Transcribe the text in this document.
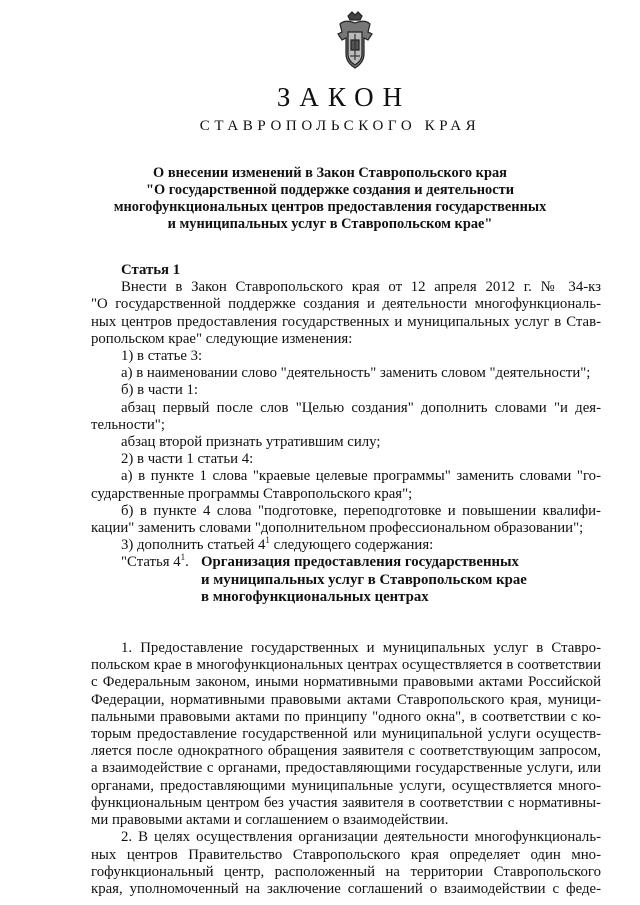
ЗАКОН
СТАВРОПОЛЬСКОГО КРАЯ
О внесении изменений в Закон Ставропольского края
"О государственной поддержке создания и деятельности
многофункциональных центров предоставления государственных
и муниципальных услуг в Ставропольском крае"
Статья 1
Внести в Закон Ставропольского края от 12 апреля 2012 г. № 34-кз
"О государственной поддержке создания и деятельности многофункциональ-
ных центров предоставления государственных и муниципальных услуг в Став-
ропольском крае" следующие изменения:
1) в статье 3:
а) в наименовании слово "деятельность" заменить словом "деятельности";
б) в части 1:
абзац первый после слов "Целью создания" дополнить словами "и дея-
тельности";
абзац второй признать утратившим силу;
2) в части 1 статьи 4:
а) в пункте 1 слова "краевые целевые программы" заменить словами "го-
сударственные программы Ставропольского края";
б) в пункте 4 слова "подготовке, переподготовке и повышении квалифи-
кации" заменить словами "дополнительном профессиональном образовании";
3) дополнить статьей $4^1$ следующего содержания:
"Статья $4^1$. Организация предоставления государственных
и муниципальных услуг в Ставропольском крае
в многофункциональных центрах
1. Предоставление государственных и муниципальных услуг в Ставро-
польском крае в многофункциональных центрах осуществляется в соответствии
с Федеральным законом, иными нормативными правовыми актами Российской
Федерации, нормативными правовыми актами Ставропольского края, муници-
пальными правовыми актами по принципу "одного окна", в соответствии с ко-
торым предоставление государственной или муниципальной услуги осуществ-
ляется после однократного обращения заявителя с соответствующим запросом,
а взаимодействие с органами, предоставляющими государственные услуги, или
органами, предоставляющими муниципальные услуги, осуществляется много-
функциональным центром без участия заявителя в соответствии с нормативны-
ми правовыми актами и соглашением о взаимодействии.
2. В целях осуществления организации деятельности многофункциональ-
ных центров Правительство Ставропольского края определяет один мно-
гофункциональный центр, расположенный на территории Ставропольского
края, уполномоченный на заключение соглашений о взаимодействии с феде-
